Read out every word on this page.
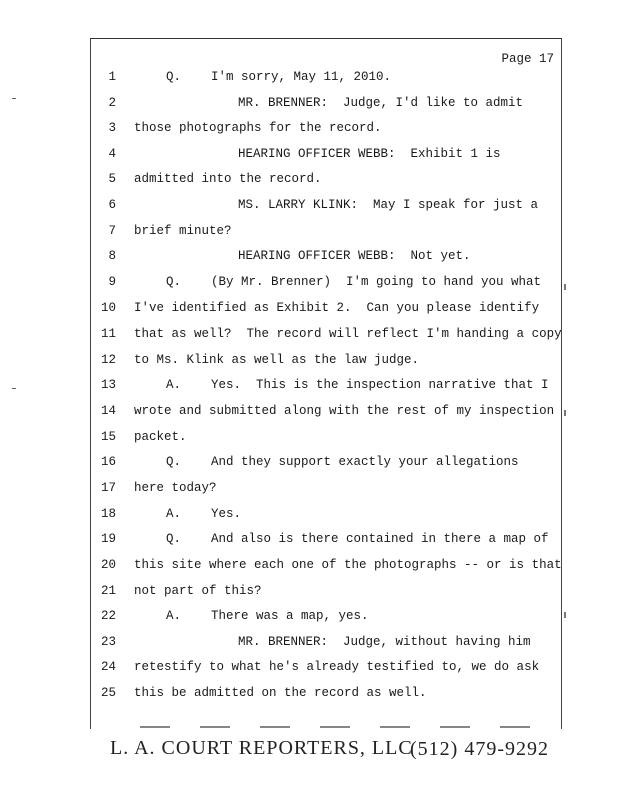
Page 17
1	Q.    I'm sorry, May 11, 2010.
2	MR. BRENNER:  Judge, I'd like to admit
3 those photographs for the record.
4	HEARING OFFICER WEBB:  Exhibit 1 is
5 admitted into the record.
6	MS. LARRY KLINK:  May I speak for just a
7 brief minute?
8	HEARING OFFICER WEBB:  Not yet.
9	Q.    (By Mr. Brenner)  I'm going to hand you what
10 I've identified as Exhibit 2.  Can you please identify
11 that as well?  The record will reflect I'm handing a copy
12 to Ms. Klink as well as the law judge.
13	A.    Yes.  This is the inspection narrative that I
14 wrote and submitted along with the rest of my inspection
15 packet.
16	Q.    And they support exactly your allegations
17 here today?
18	A.    Yes.
19	Q.    And also is there contained in there a map of
20 this site where each one of the photographs -- or is that
21 not part of this?
22	A.    There was a map, yes.
23	MR. BRENNER:  Judge, without having him
24 retestify to what he's already testified to, we do ask
25 this be admitted on the record as well.
L. A. COURT REPORTERS, LLC
(512) 479-9292
